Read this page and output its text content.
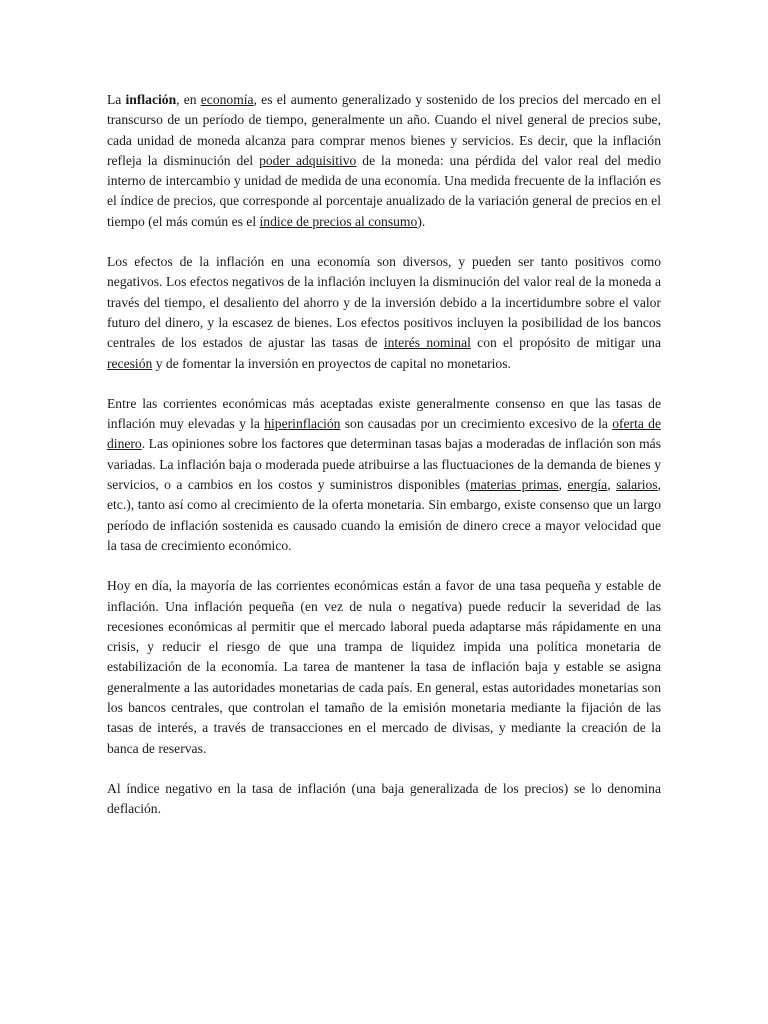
La inflación, en economía, es el aumento generalizado y sostenido de los precios del mercado en el transcurso de un período de tiempo, generalmente un año. Cuando el nivel general de precios sube, cada unidad de moneda alcanza para comprar menos bienes y servicios. Es decir, que la inflación refleja la disminución del poder adquisitivo de la moneda: una pérdida del valor real del medio interno de intercambio y unidad de medida de una economía. Una medida frecuente de la inflación es el índice de precios, que corresponde al porcentaje anualizado de la variación general de precios en el tiempo (el más común es el índice de precios al consumo).

Los efectos de la inflación en una economía son diversos, y pueden ser tanto positivos como negativos. Los efectos negativos de la inflación incluyen la disminución del valor real de la moneda a través del tiempo, el desaliento del ahorro y de la inversión debido a la incertidumbre sobre el valor futuro del dinero, y la escasez de bienes. Los efectos positivos incluyen la posibilidad de los bancos centrales de los estados de ajustar las tasas de interés nominal con el propósito de mitigar una recesión y de fomentar la inversión en proyectos de capital no monetarios.

Entre las corrientes económicas más aceptadas existe generalmente consenso en que las tasas de inflación muy elevadas y la hiperinflación son causadas por un crecimiento excesivo de la oferta de dinero. Las opiniones sobre los factores que determinan tasas bajas a moderadas de inflación son más variadas. La inflación baja o moderada puede atribuirse a las fluctuaciones de la demanda de bienes y servicios, o a cambios en los costos y suministros disponibles (materias primas, energía, salarios, etc.), tanto así como al crecimiento de la oferta monetaria. Sin embargo, existe consenso que un largo período de inflación sostenida es causado cuando la emisión de dinero crece a mayor velocidad que la tasa de crecimiento económico.

Hoy en día, la mayoría de las corrientes económicas están a favor de una tasa pequeña y estable de inflación. Una inflación pequeña (en vez de nula o negativa) puede reducir la severidad de las recesiones económicas al permitir que el mercado laboral pueda adaptarse más rápidamente en una crisis, y reducir el riesgo de que una trampa de liquidez impida una política monetaria de estabilización de la economía. La tarea de mantener la tasa de inflación baja y estable se asigna generalmente a las autoridades monetarias de cada país. En general, estas autoridades monetarias son los bancos centrales, que controlan el tamaño de la emisión monetaria mediante la fijación de las tasas de interés, a través de transacciones en el mercado de divisas, y mediante la creación de la banca de reservas.

Al índice negativo en la tasa de inflación (una baja generalizada de los precios) se lo denomina deflación.
